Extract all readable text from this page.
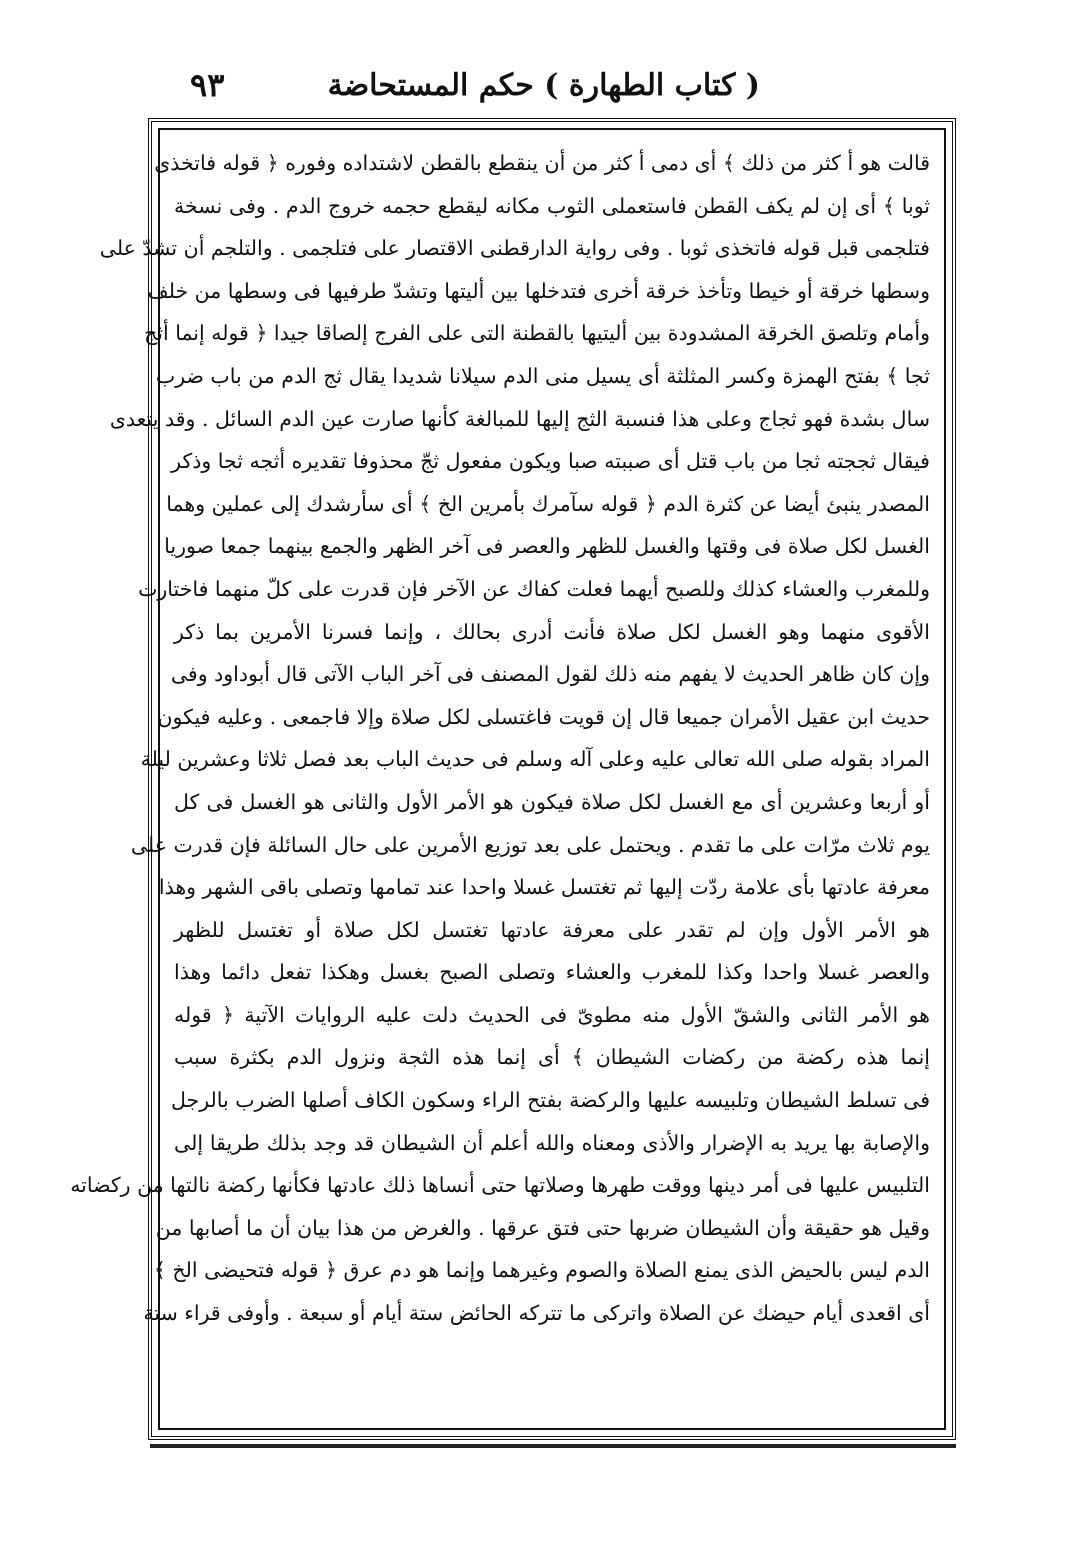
( كتاب الطهارة ) حكم المستحاضة
٩٣
قالت هو أ كثر من ذلك ﴾ أى دمى أ كثر من أن ينقطع بالقطن لاشتداده وفوره ﴿ قوله فاتخذى
ثوبا ﴾ أى إن لم يكف القطن فاستعملى الثوب مكانه ليقطع حجمه خروج الدم . وفى نسخة
فتلجمى قبل قوله فاتخذى ثوبا . وفى رواية الدارقطنى الاقتصار على فتلجمى . والتلجم أن تشدّ على
وسطها خرقة أو خيطا وتأخذ خرقة أخرى فتدخلها بين أليتها وتشدّ طرفيها فى وسطها من خلف
وأمام وتلصق الخرقة المشدودة بين أليتيها بالقطنة التى على الفرج إلصاقا جيدا ﴿ قوله إنما أثج
ثجا ﴾ بفتح الهمزة وكسر المثلثة أى يسيل منى الدم سيلانا شديدا يقال ثج الدم من باب ضرب
سال بشدة فهو ثجاج وعلى هذا فنسبة الثج إليها للمبالغة كأنها صارت عين الدم السائل . وقد يتعدى
فيقال ثججته ثجا من باب قتل أى صببته صبا ويكون مفعول ثجّ محذوفا تقديره أثجه ثجا وذكر
المصدر ينبئ أيضا عن كثرة الدم ﴿ قوله سآمرك بأمرين الخ ﴾ أى سأرشدك إلى عملين وهما
الغسل لكل صلاة فى وقتها والغسل للظهر والعصر فى آخر الظهر والجمع بينهما جمعا صوريا
وللمغرب والعشاء كذلك وللصبح أيهما فعلت كفاك عن الآخر فإن قدرت على كلّ منهما فاختارت
الأقوى منهما وهو الغسل لكل صلاة فأنت أدرى بحالك ، وإنما فسرنا الأمرين بما ذكر
وإن كان ظاهر الحديث لا يفهم منه ذلك لقول المصنف فى آخر الباب الآتى قال أبوداود وفى
حديث ابن عقيل الأمران جميعا قال إن قويت فاغتسلى لكل صلاة وإلا فاجمعى . وعليه فيكون
المراد بقوله صلى الله تعالى عليه وعلى آله وسلم فى حديث الباب بعد فصل ثلاثا وعشرين ليلة
أو أربعا وعشرين أى مع الغسل لكل صلاة فيكون هو الأمر الأول والثانى هو الغسل فى كل
يوم ثلاث مرّات على ما تقدم . ويحتمل على بعد توزيع الأمرين على حال السائلة فإن قدرت على
معرفة عادتها بأى علامة ردّت إليها ثم تغتسل غسلا واحدا عند تمامها وتصلى باقى الشهر وهذا
هو الأمر الأول وإن لم تقدر على معرفة عادتها تغتسل لكل صلاة أو تغتسل للظهر
والعصر غسلا واحدا وكذا للمغرب والعشاء وتصلى الصبح بغسل وهكذا تفعل دائما وهذا
هو الأمر الثانى والشقّ الأول منه مطوىّ فى الحديث دلت عليه الروايات الآتية ﴿ قوله
إنما هذه ركضة من ركضات الشيطان ﴾ أى إنما هذه الثجة ونزول الدم بكثرة سبب
فى تسلط الشيطان وتلبيسه عليها والركضة بفتح الراء وسكون الكاف أصلها الضرب بالرجل
والإصابة بها يريد به الإضرار والأذى ومعناه والله أعلم أن الشيطان قد وجد بذلك طريقا إلى
التلبيس عليها فى أمر دينها ووقت طهرها وصلاتها حتى أنساها ذلك عادتها فكأنها ركضة نالتها من ركضاته
وقيل هو حقيقة وأن الشيطان ضربها حتى فتق عرقها . والغرض من هذا بيان أن ما أصابها من
الدم ليس بالحيض الذى يمنع الصلاة والصوم وغيرهما وإنما هو دم عرق ﴿ قوله فتحيضى الخ ﴾
أى اقعدى أيام حيضك عن الصلاة واتركى ما تتركه الحائض ستة أيام أو سبعة . وأوفى قراء ستة
